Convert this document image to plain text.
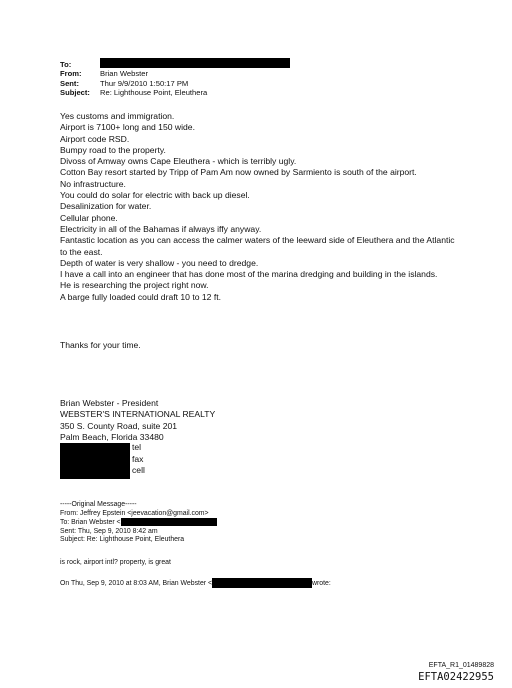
To:
From:	Brian Webster
Sent:	Thur 9/9/2010 1:50:17 PM
Subject:	Re: Lighthouse Point, Eleuthera

Yes customs and immigration.

Airport is 7100+ long and 150 wide.

Airport code RSD.

Bumpy road to the property.

Divoss of Amway owns Cape Eleuthera - which is terribly ugly.

Cotton Bay resort started by Tripp of Pam Am now owned by Sarmiento is south of the airport.

No infrastructure.

You could do solar for electric with back up diesel.

Desalinization for water.

Cellular phone.

Electricity in all of the Bahamas if always iffy anyway.

Fantastic location as you can access the calmer waters of the leeward side of Eleuthera and the Atlantic to the east.

Depth of water is very shallow - you need to dredge.

I have a call into an engineer that has done most of the marina dredging and building in the islands.

He is researching the project right now.

A barge fully loaded could draft 10 to 12 ft.

Thanks for your time.

Brian Webster - President

WEBSTER'S INTERNATIONAL REALTY

350 S. County Road, suite 201

Palm Beach, Florida 33480

tel

fax

cell

-----Original Message-----

From: Jeffrey Epstein <jeevacation@gmail.com>

To: Brian Webster <

Sent: Thu, Sep 9, 2010 8:42 am

Subject: Re: Lighthouse Point, Eleuthera

is rock, airport intl? property, is great
On Thu, Sep 9, 2010 at 8:03 AM, Brian Webster <	wrote:
EFTA_R1_01489828
EFTA02422955
